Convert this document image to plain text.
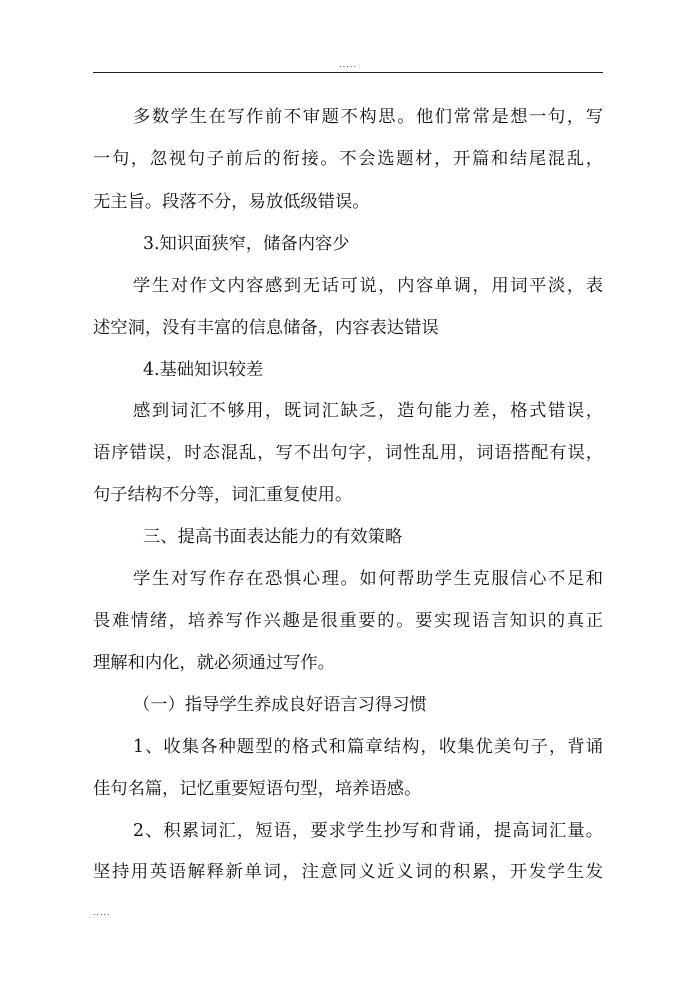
.....
多数学生在写作前不审题不构思。他们常常是想一句，写
一句，忽视句子前后的衔接。不会选题材，开篇和结尾混乱，
无主旨。段落不分，易放低级错误。
3.知识面狭窄，储备内容少
学生对作文内容感到无话可说，内容单调，用词平淡，表
述空洞，没有丰富的信息储备，内容表达错误
4.基础知识较差
感到词汇不够用，既词汇缺乏，造句能力差，格式错误，
语序错误，时态混乱，写不出句字，词性乱用，词语搭配有误，
句子结构不分等，词汇重复使用。
三、提高书面表达能力的有效策略
学生对写作存在恐惧心理。如何帮助学生克服信心不足和
畏难情绪，培养写作兴趣是很重要的。要实现语言知识的真正
理解和内化，就必须通过写作。
（一）指导学生养成良好语言习得习惯
1、收集各种题型的格式和篇章结构，收集优美句子，背诵
佳句名篇，记忆重要短语句型，培养语感。
2、积累词汇，短语，要求学生抄写和背诵，提高词汇量。
坚持用英语解释新单词，注意同义近义词的积累，开发学生发
.....
